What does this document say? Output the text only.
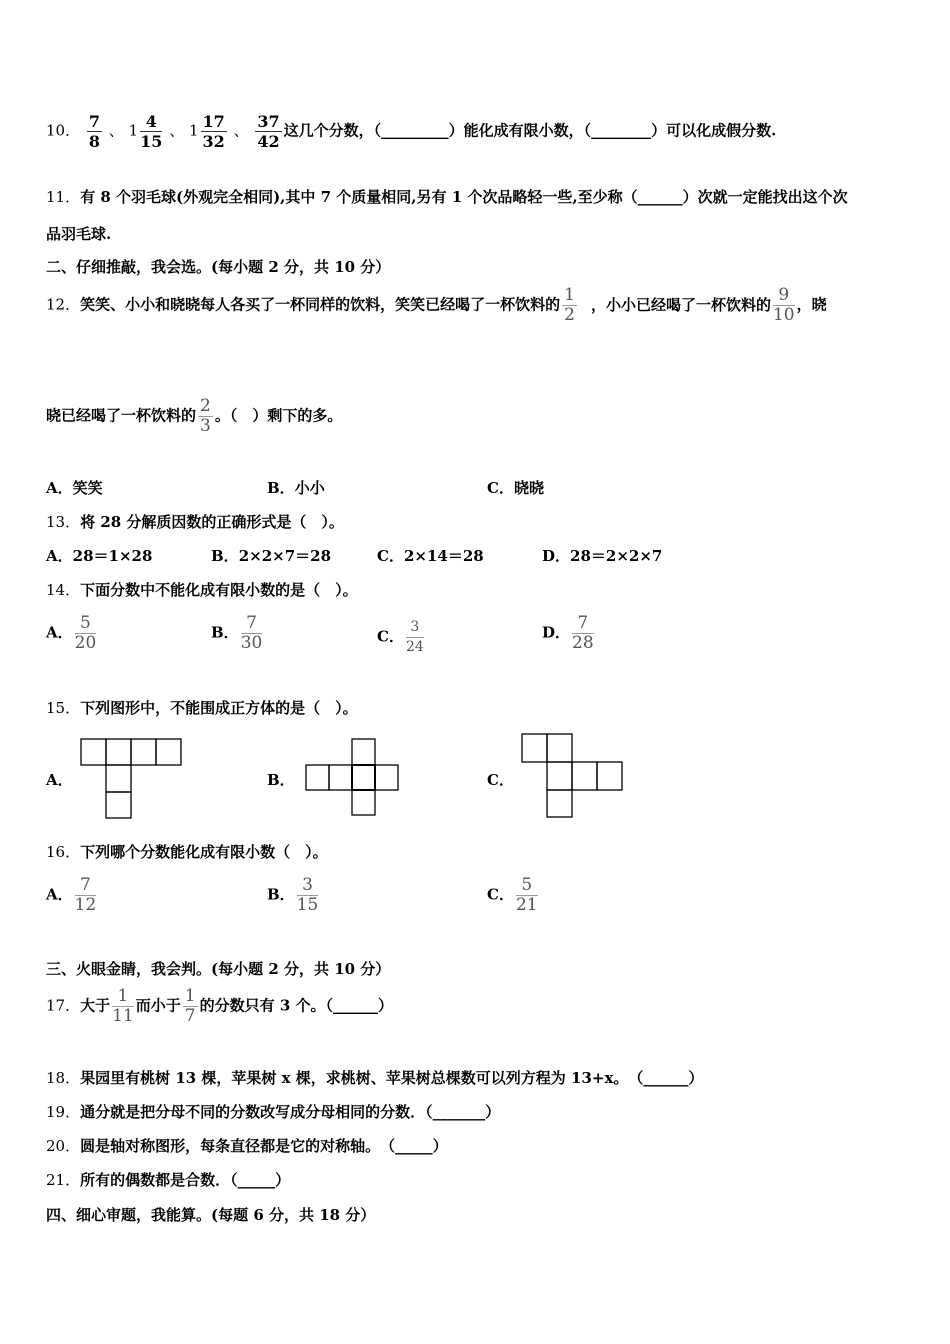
10． $\frac{7}{8}$ 、 $1 \frac{4}{15}$ 、 $1 \frac{17}{32}$ 、 $\frac{37}{42}$ 这几个分数，（_________）能化成有限小数，（________）可以化成假分数.
11．有 8 个羽毛球(外观完全相同),其中 7 个质量相同,另有 1 个次品略轻一些,至少称（______）次就一定能找出这个次
品羽毛球.
二、仔细推敲，我会选。(每小题 2 分，共 10 分）
12．笑笑、小小和晓晓每人各买了一杯同样的饮料，笑笑已经喝了一杯饮料的 $\frac{1}{2}$ ，小小已经喝了一杯饮料的 $\frac{9}{10}$ ，晓
晓已经喝了一杯饮料的 $\frac{2}{3}$ 。（　）剩下的多。
A．笑笑	B．小小	C．晓晓
13．将 28 分解质因数的正确形式是（　）。
A．28＝1×28	B．2×2×7＝28	C．2×14＝28	D．28＝2×2×7
14．下面分数中不能化成有限小数的是（　）。
A． $\frac{5}{20}$	B． $\frac{7}{30}$	C． $\frac{3}{24}$	D． $\frac{7}{28}$
15．下列图形中，不能围成正方体的是（　）。
A．	B．	C．
16．下列哪个分数能化成有限小数（　）。
A． $\frac{7}{12}$	B． $\frac{3}{15}$	C． $\frac{5}{21}$
三、火眼金睛，我会判。(每小题 2 分，共 10 分）
17．大于 $\frac{1}{11}$ 而小于 $\frac{1}{7}$ 的分数只有 3 个。（______）
18．果园里有桃树 13 棵，苹果树 x 棵，求桃树、苹果树总棵数可以列方程为 13+x。　（______）
19．通分就是把分母不同的分数改写成分母相同的分数．（_______）
20．圆是轴对称图形，每条直径都是它的对称轴。　（_____）
21．所有的偶数都是合数．（_____）
四、细心审题，我能算。(每题 6 分，共 18 分）
